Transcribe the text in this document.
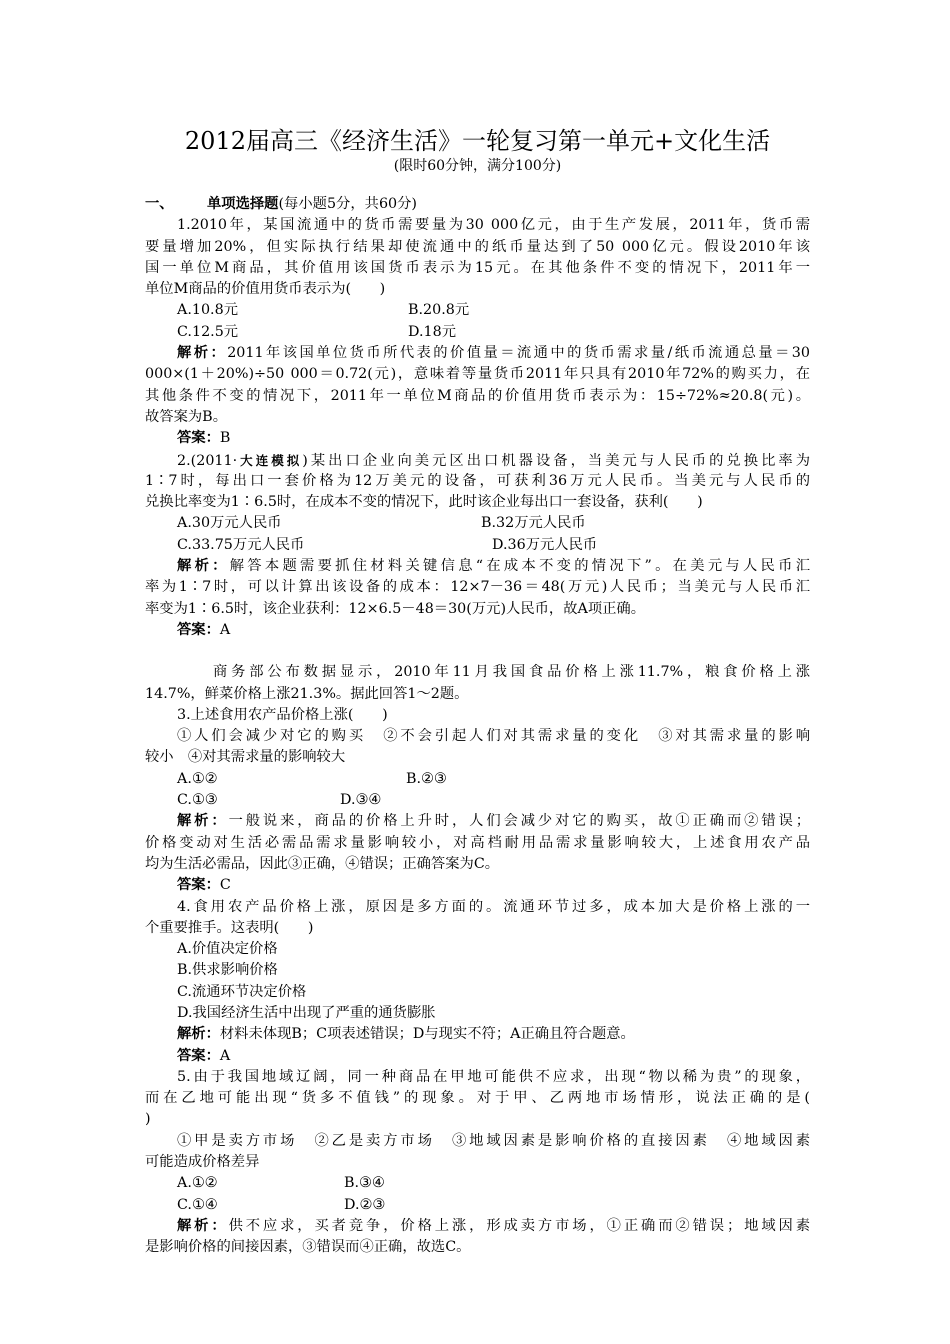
2012届高三《经济生活》一轮复习第一单元+文化生活
(限时60分钟，满分100分)
一、 单项选择题(每小题5分，共60分)
1.2010年，某国流通中的货币需要量为30 000亿元，由于生产发展，2011年，货币需
要量增加20%，但实际执行结果却使流通中的纸币量达到了50 000亿元。假设2010年该
国一单位M商品，其价值用该国货币表示为15元。在其他条件不变的情况下，2011年一
单位M商品的价值用货币表示为(　　)
A.10.8元	B.20.8元
C.12.5元	D.18元
解析：2011年该国单位货币所代表的价值量＝流通中的货币需求量/纸币流通总量＝30
000×(1＋20%)÷50 000＝0.72(元)，意味着等量货币2011年只具有2010年72%的购买力，在
其他条件不变的情况下，2011年一单位M商品的价值用货币表示为：15÷72%≈20.8(元)。
故答案为B。
答案：B
2.(2011·大连模拟)某出口企业向美元区出口机器设备，当美元与人民币的兑换比率为
1∶7时，每出口一套价格为12万美元的设备，可获利36万元人民币。当美元与人民币的
兑换比率变为1∶6.5时，在成本不变的情况下，此时该企业每出口一套设备，获利(　　)
A.30万元人民币	B.32万元人民币
C.33.75万元人民币	D.36万元人民币
解析：解答本题需要抓住材料关键信息“在成本不变的情况下”。在美元与人民币汇
率为1∶7时，可以计算出该设备的成本：12×7－36＝48(万元)人民币；当美元与人民币汇
率变为1∶6.5时，该企业获利：12×6.5－48＝30(万元)人民币，故A项正确。
答案：A
商务部公布数据显示，2010年11月我国食品价格上涨11.7%，粮食价格上涨
14.7%，鲜菜价格上涨21.3%。据此回答1～2题。
3.上述食用农产品价格上涨(　　)
①人们会减少对它的购买　②不会引起人们对其需求量的变化　③对其需求量的影响
较小　④对其需求量的影响较大
A.①②	B.②③
C.①③	D.③④
解析：一般说来，商品的价格上升时，人们会减少对它的购买，故①正确而②错误；
价格变动对生活必需品需求量影响较小，对高档耐用品需求量影响较大，上述食用农产品
均为生活必需品，因此③正确，④错误；正确答案为C。
答案：C
4.食用农产品价格上涨，原因是多方面的。流通环节过多，成本加大是价格上涨的一
个重要推手。这表明(　　)
A.价值决定价格
B.供求影响价格
C.流通环节决定价格
D.我国经济生活中出现了严重的通货膨胀
解析：材料未体现B；C项表述错误；D与现实不符；A正确且符合题意。
答案：A
5.由于我国地域辽阔，同一种商品在甲地可能供不应求，出现“物以稀为贵”的现象，
而在乙地可能出现“货多不值钱”的现象。对于甲、乙两地市场情形，说法正确的是(
)
①甲是卖方市场　②乙是卖方市场　③地域因素是影响价格的直接因素　④地域因素
可能造成价格差异
A.①②	B.③④
C.①④	D.②③
解析：供不应求，买者竞争，价格上涨，形成卖方市场，①正确而②错误；地域因素
是影响价格的间接因素，③错误而④正确，故选C。
